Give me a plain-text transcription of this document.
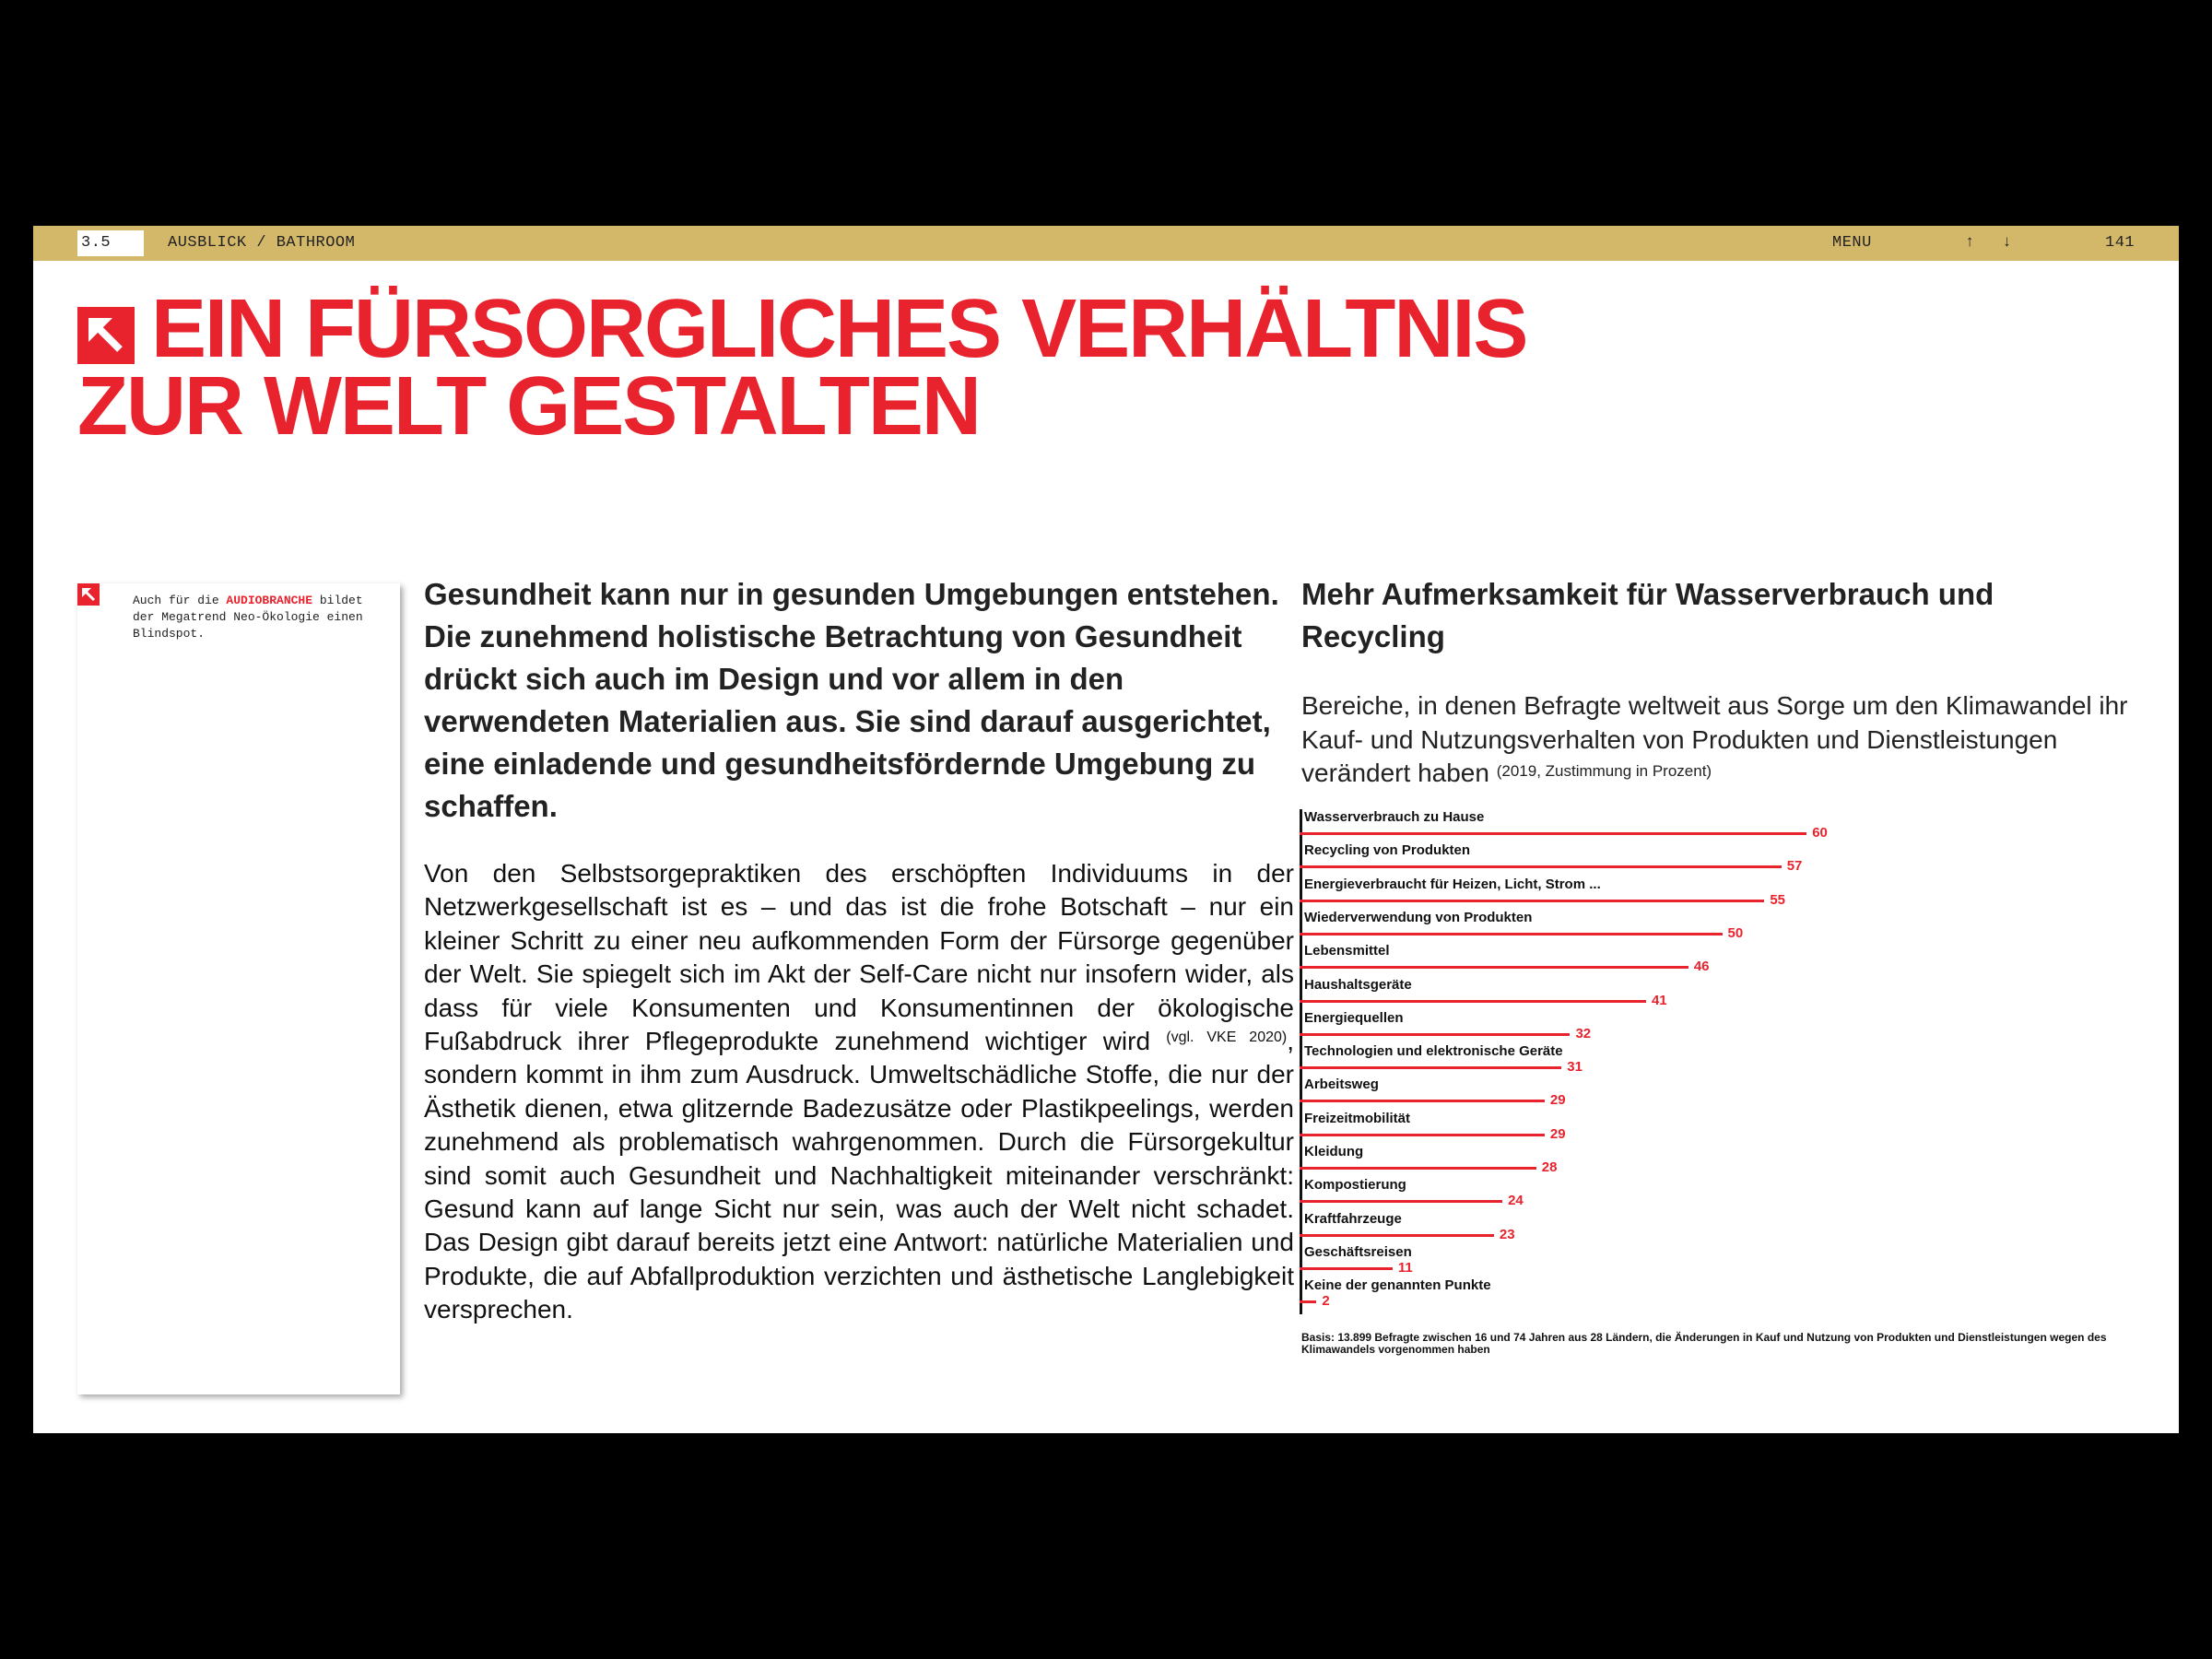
3.5	AUSBLICK / BATHROOM	MENU	↑ ↓	141
EIN FÜRSORGLICHES VERHÄLTNIS
ZUR WELT GESTALTEN
Auch für die AUDIOBRANCHE bildet der Megatrend Neo-Ökologie einen Blindspot.
Gesundheit kann nur in gesunden Umgebungen entstehen. Die zunehmend holistische Betrachtung von Gesundheit drückt sich auch im Design und vor allem in den verwendeten Materialien aus. Sie sind darauf ausgerichtet, eine einladende und gesundheitsfördernde Umgebung zu schaffen.
Von den Selbstsorgepraktiken des erschöpften Individuums in der Netzwerkgesellschaft ist es – und das ist die frohe Botschaft – nur ein kleiner Schritt zu einer neu aufkommenden Form der Fürsorge gegenüber der Welt. Sie spiegelt sich im Akt der Self-Care nicht nur insofern wider, als dass für viele Konsumenten und Konsumentinnen der ökologische Fußabdruck ihrer Pflegeprodukte zunehmend wichtiger wird $^{(vgl. VKE 2020)}$, sondern kommt in ihm zum Ausdruck. Umweltschädliche Stoffe, die nur der Ästhetik dienen, etwa glitzernde Badezusätze oder Plastikpeelings, werden zunehmend als problematisch wahrgenommen. Durch die Fürsorgekultur sind somit auch Gesundheit und Nachhaltigkeit miteinander verschränkt: Gesund kann auf lange Sicht nur sein, was auch der Welt nicht schadet. Das Design gibt darauf bereits jetzt eine Antwort: natürliche Materialien und Produkte, die auf Abfallproduktion verzichten und ästhetische Langlebigkeit versprechen.
Mehr Aufmerksamkeit für Wasserverbrauch und Recycling
Bereiche, in denen Befragte weltweit aus Sorge um den Klimawandel ihr Kauf- und Nutzungsverhalten von Produkten und Dienstleistungen verändert haben $^{(2019, Zustimmung in Prozent)}$
Wasserverbrauch zu Hause
60
Recycling von Produkten
57
Energieverbraucht für Heizen, Licht, Strom ...
55
Wiederverwendung von Produkten
50
Lebensmittel
46
Haushaltsgeräte
41
Energiequellen
32
Technologien und elektronische Geräte
31
Arbeitsweg
29
Freizeitmobilität
29
Kleidung
28
Kompostierung
24
Kraftfahrzeuge
23
Geschäftsreisen
11
Keine der genannten Punkte
2
Basis: 13.899 Befragte zwischen 16 und 74 Jahren aus 28 Ländern, die Änderungen in Kauf und Nutzung von Produkten und Dienstleistungen wegen des Klimawandels vorgenommen haben
